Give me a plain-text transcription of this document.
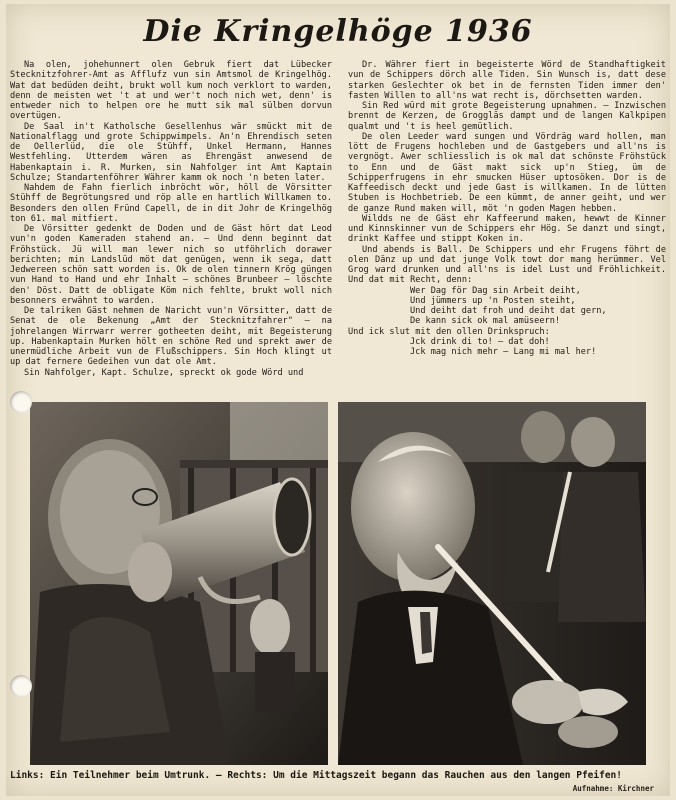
Die Kringelhöge 1936

Na olen, johehunnert olen Gebruk fiert dat Lübecker Stecknitzfohrer-Amt as Afflufz vun sin Amtsmol de Kringelhög. Wat dat bedüden deiht, brukt woll kum noch verklort to warden, denn de meisten wet 't at und wer't noch nich wet, denn' is entweder nich to helpen ore he mutt sik mal sülben dorvun overtügen.

De Saal in't Katholsche Gesellenhus wär smückt mit de Nationalflagg und grote Schippwimpels. An'n Ehrendisch seten de Oellerlüd, die ole Stühff, Unkel Hermann, Hannes Westfehling. Utterdem wären as Ehrengäst anwesend de Habenkaptain i. R. Murken, sin Nahfolger int Amt Kaptain Schulze; Standartenföhrer Währer kamm ok noch 'n beten later.

Nahdem de Fahn fierlich inbröcht wör, höll de Vörsitter Stühff de Begrötungsred und röp alle en hartlich Willkamen to. Besonders den ollen Fründ Capell, de in dit Johr de Kringelhög ton 61. mal mitfiert.

De Vörsitter gedenkt de Doden und de Gäst hört dat Leod vun'n goden Kameraden stahend an. — Und denn beginnt dat Fröhstück. Jü will man lewer nich so utföhrlich dorawer berichten; min Landslüd möt dat genügen, wenn ik sega, datt Jedwereen schön satt worden is. Ok de olen tinnern Krög güngen vun Hand to Hand und ehr Inhalt — schönes Brunbeer — löschte den' Döst. Datt de obligate Köm nich fehlte, brukt woll nich besonners erwähnt to warden.

De talriken Gäst nehmen de Naricht vun'n Vörsitter, datt de Senat de ole Bekenung „Amt der Stecknitzfahrer" — na johrelangen Wirrwarr werrer gotheeten deiht, mit Begeisterung up. Habenkaptain Murken hölt en schöne Red und sprekt awer de unermüdliche Arbeit vun de Flußschippers. Sin Hoch klingt ut up dat fernere Gedeihen vun dat ole Amt.

Sin Nahfolger, Kapt. Schulze, spreckt ok gode Wörd und

Dr. Währer fiert in begeisterte Wörd de Standhaftigkeit vun de Schippers dörch alle Tiden. Sin Wunsch is, datt dese starken Geslechter ok bet in de fernsten Tiden immer den' fasten Willen to all'ns wat recht is, dörchsetten warden.

Sin Red würd mit grote Begeisterung upnahmen. — Inzwischen brennt de Kerzen, de Grogglās dampt und de langen Kalkpipen qualmt und 't is heel gemütlich.

De olen Leeder ward sungen und Vördräg ward hollen, man lött de Frugens hochleben und de Gastgebers und all'ns is vergnögt. Awer schliesslich is ok mal dat schönste Fröhstück to Enn und de Gäst makt sick up'n Stieg, üm de Schipperfrugens in ehr smucken Hüser uptosöken. Dor is de Kaffeedisch deckt und jede Gast is willkamen. In de lütten Stuben is Hochbetrieb. De een kümmt, de anner geiht, und wer de ganze Rund maken will, möt 'n goden Magen hebben.

Wildds ne de Gäst ehr Kaffeerund maken, hewwt de Kinner und Kinnskinner vun de Schippers ehr Hög. Se danzt und singt, drinkt Kaffee und stippt Koken in.

Und abends is Ball. De Schippers und ehr Frugens föhrt de olen Dänz up und dat junge Volk towt dor mang herümmer. Vel Grog ward drunken und all'ns is idel Lust und Fröhlichkeit. Und dat mit Recht, denn:

Wer Dag för Dag sin Arbeit deiht,
Und jümmers up 'n Posten steiht,
Und deiht dat froh und deiht dat gern,
De kann sick ok mal amüseern!

Und ick slut mit den ollen Drinkspruch:

Jck drink di to! — dat doh!
Jck mag nich mehr — Lang mi mal her!

Links: Ein Teilnehmer beim Umtrunk. — Rechts: Um die Mittagszeit begann das Rauchen aus den langen Pfeifen!
Aufnahme: Kirchner
